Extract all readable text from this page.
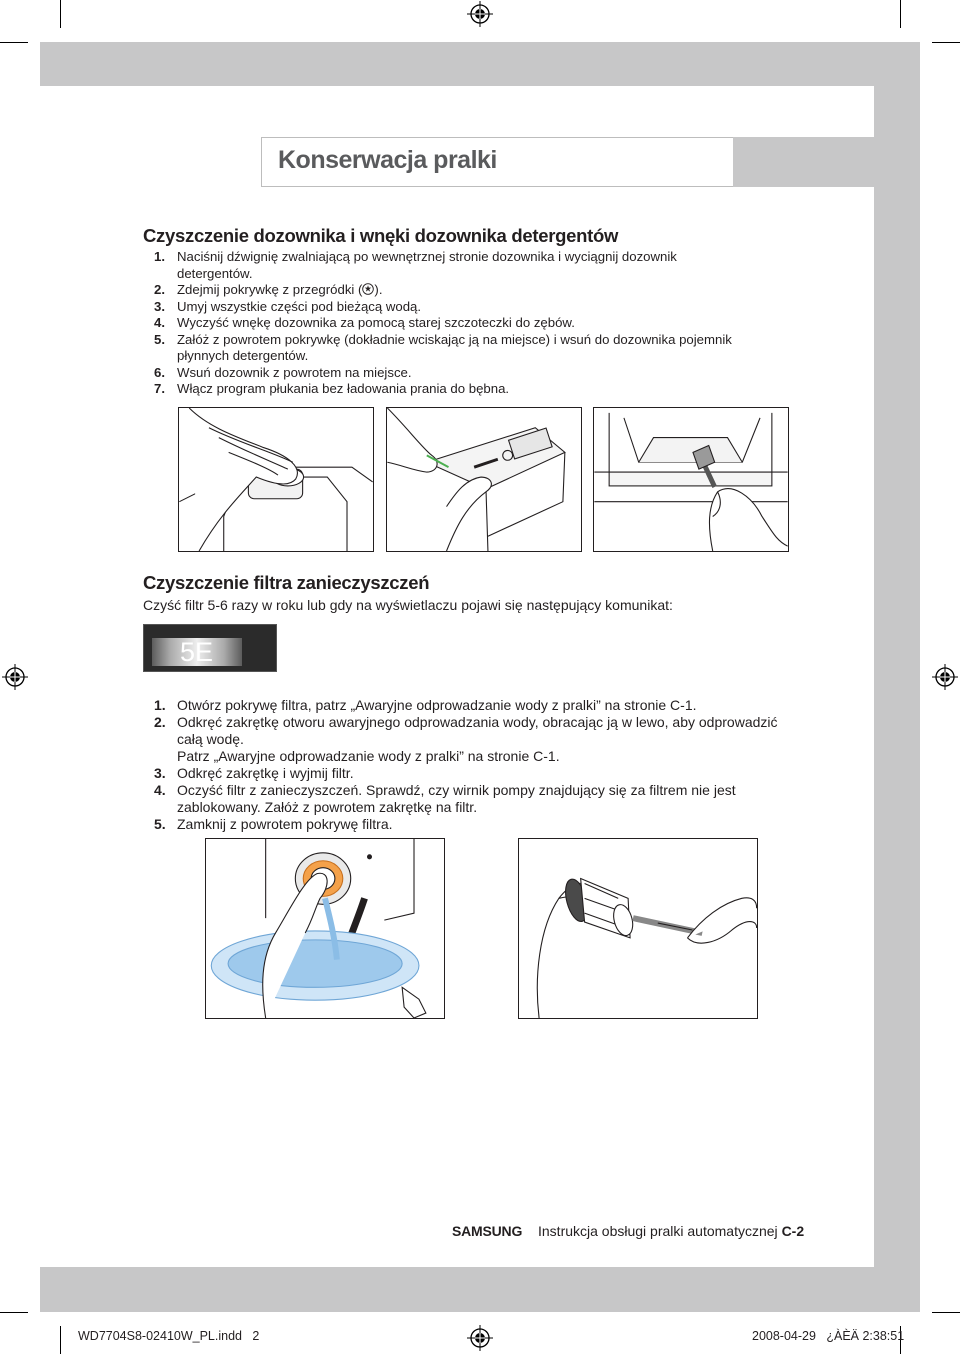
Konserwacja pralki
Czyszczenie dozownika i wnęki dozownika detergentów
1. Naciśnij dźwignię zwalniającą po wewnętrznej stronie dozownika i wyciągnij dozownik
detergentów.
2. Zdejmij pokrywkę z przegródki ( ).
3. Umyj wszystkie części pod bieżącą wodą.
4. Wyczyść wnękę dozownika za pomocą starej szczoteczki do zębów.
5. Załóż z powrotem pokrywkę (dokładnie wciskając ją na miejsce) i wsuń do dozownika pojemnik
płynnych detergentów.
6. Wsuń dozownik z powrotem na miejsce.
7. Włącz program płukania bez ładowania prania do bębna.
Czyszczenie filtra zanieczyszczeń
Czyść filtr 5-6 razy w roku lub gdy na wyświetlaczu pojawi się następujący komunikat:
5E
1. Otwórz pokrywę filtra, patrz „Awaryjne odprowadzanie wody z pralki” na stronie C-1.
2. Odkręć zakrętkę otworu awaryjnego odprowadzania wody, obracając ją w lewo, aby odprowadzić
całą wodę.
Patrz „Awaryjne odprowadzanie wody z pralki” na stronie C-1.
3. Odkręć zakrętkę i wyjmij filtr.
4. Oczyść filtr z zanieczyszczeń. Sprawdź, czy wirnik pompy znajdujący się za filtrem nie jest
zablokowany. Załóż z powrotem zakrętkę na filtr.
5. Zamknij z powrotem pokrywę filtra.
SAMSUNG Instrukcja obsługi pralki automatycznej C-2
WD7704S8-02410W_PL.indd   2	2008-04-29   ¿ÀÈÄ 2:38:51
